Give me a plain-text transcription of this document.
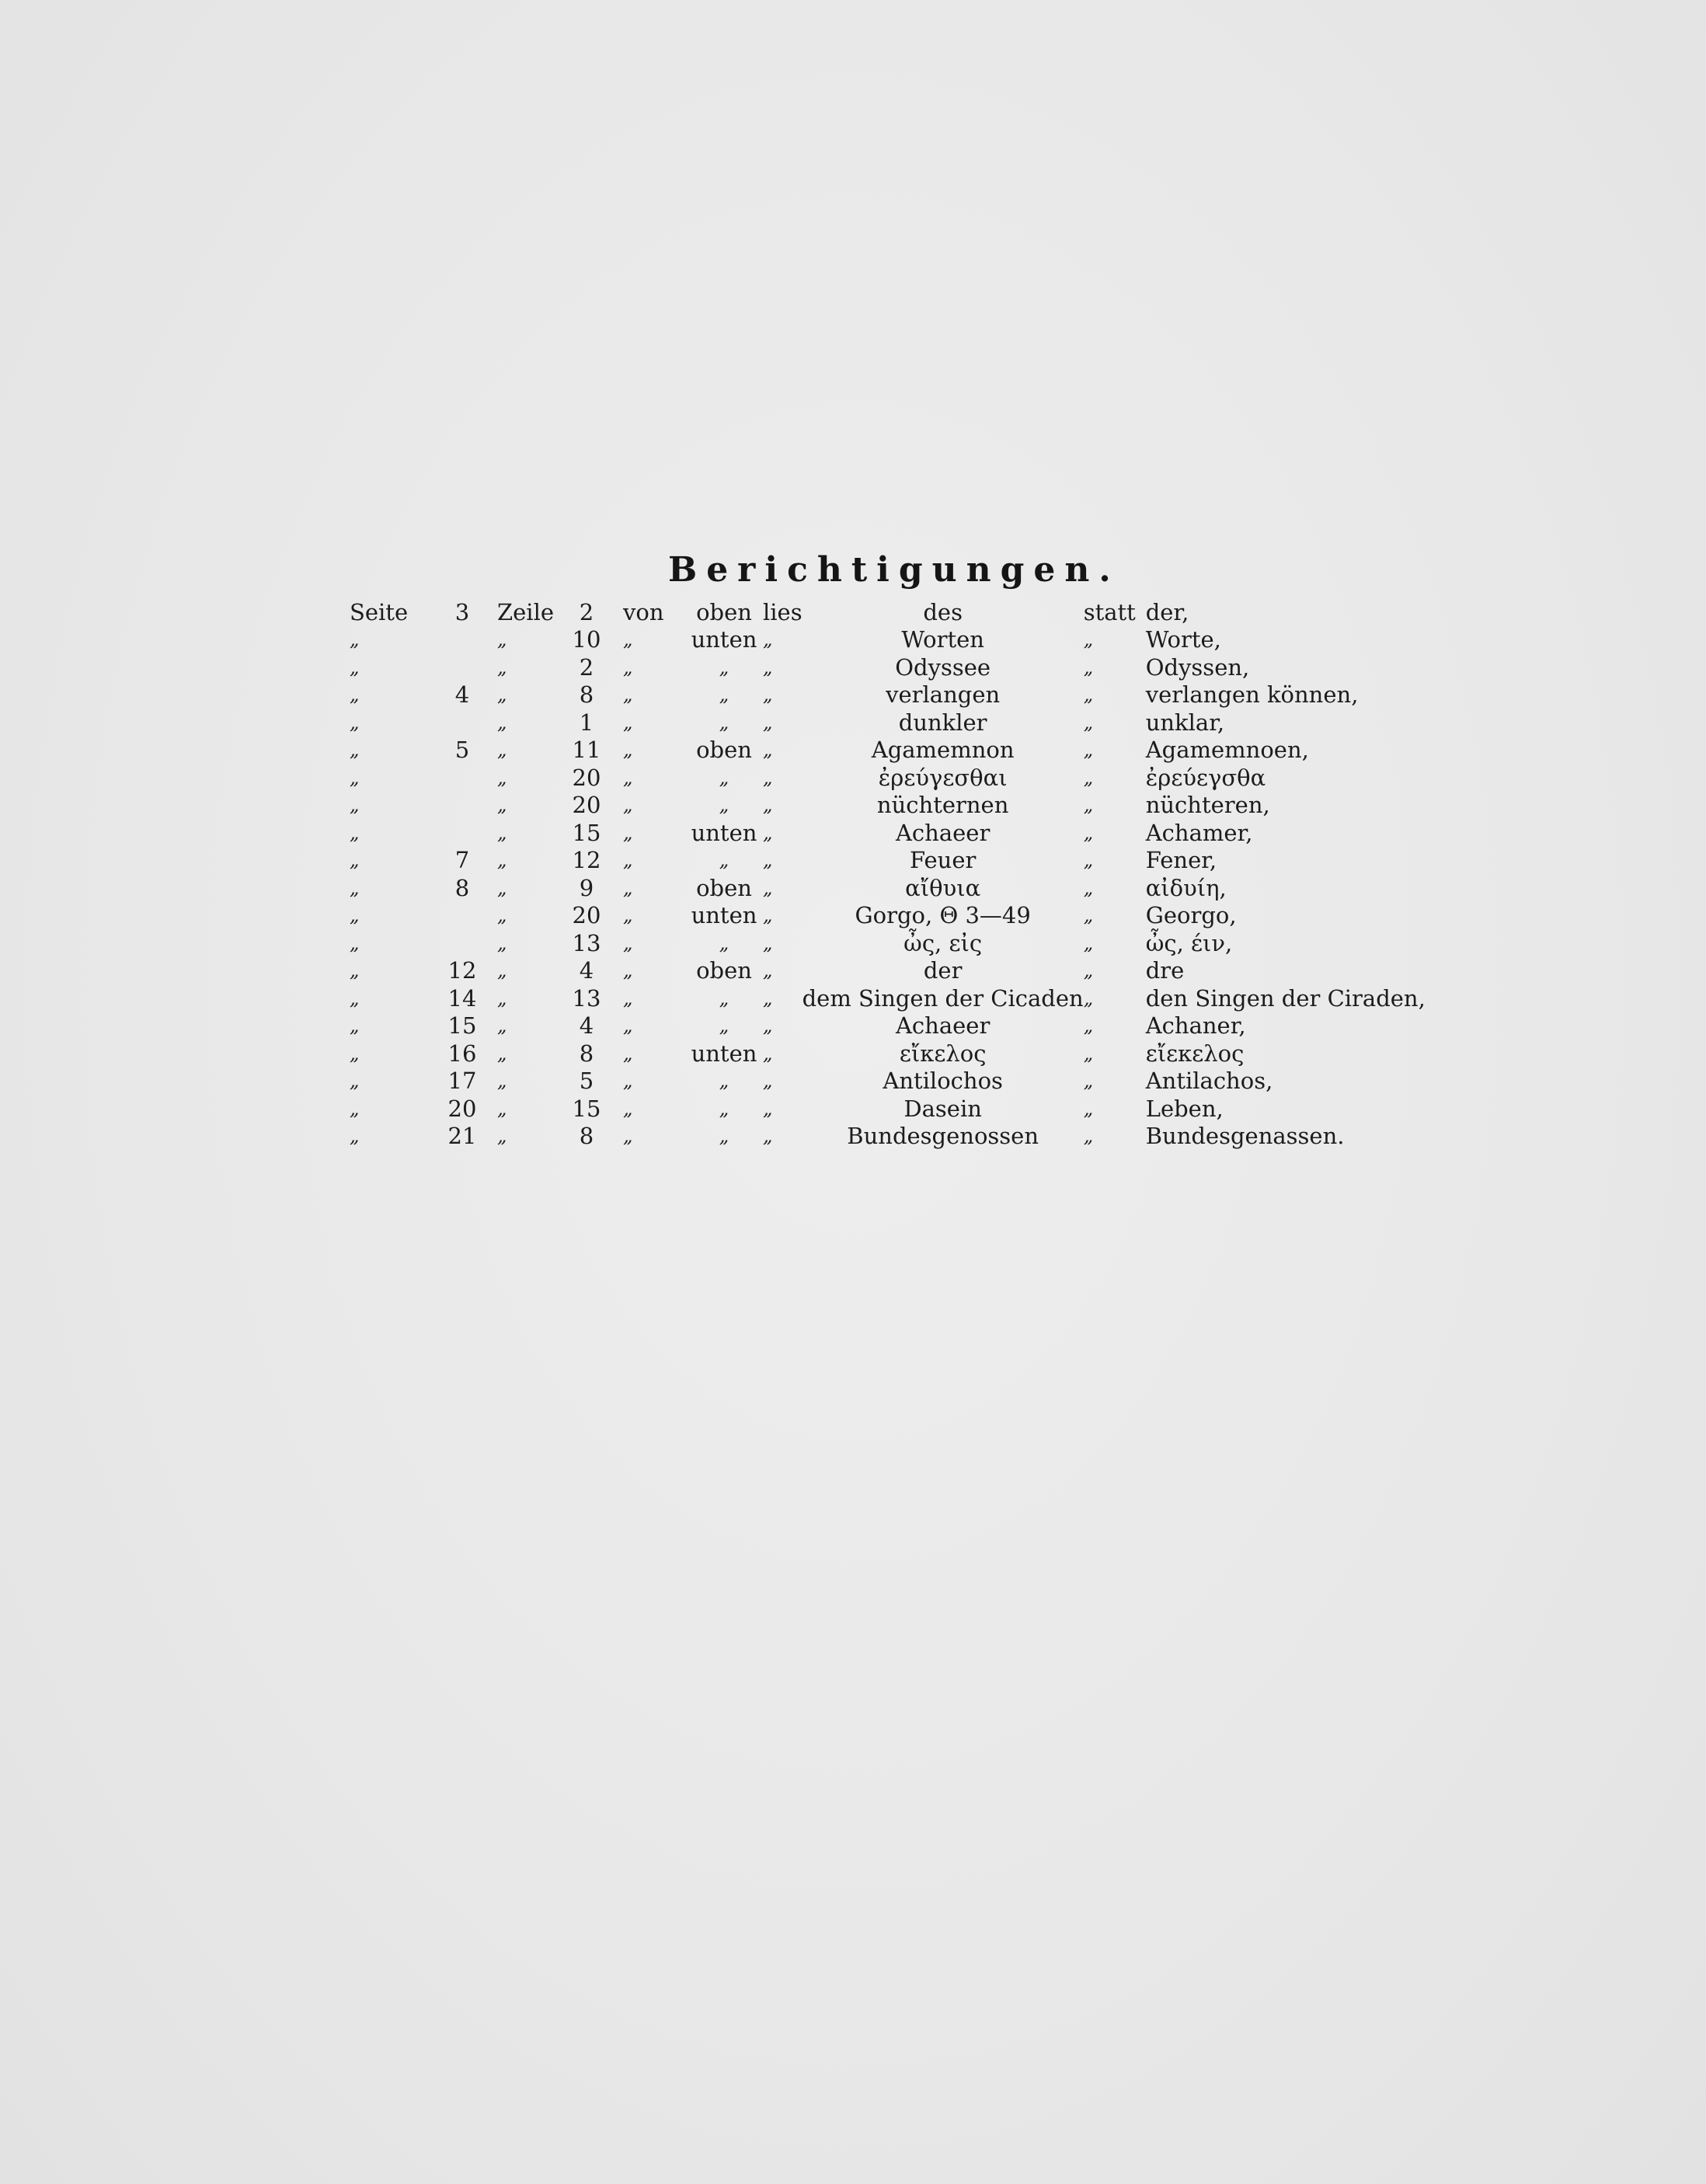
Berichtigungen.
Seite	3	Zeile	2	von	oben	lies	des	statt	der,
„		„	10	„	unten	„	Worten	„	Worte,
„		„	2	„	„	„	Odyssee	„	Odyssen,
„	4	„	8	„	„	„	verlangen	„	verlangen können,
„		„	1	„	„	„	dunkler	„	unklar,
„	5	„	11	„	oben	„	Agamemnon	„	Agamemnoen,
„		„	20	„	„	„	ἐρεύγεσθαι	„	ἐρεύεγσθα
„		„	20	„	„	„	nüchternen	„	nüchteren,
„		„	15	„	unten	„	Achaeer	„	Achamer,
„	7	„	12	„	„	„	Feuer	„	Fener,
„	8	„	9	„	oben	„	αἴθυια	„	αἰδυίη,
„		„	20	„	unten	„	Gorgo, Θ 3—49	„	Georgo,
„		„	13	„	„	„	ὦς, εἰς	„	ὦς, έιν,
„	12	„	4	„	oben	„	der	„	dre
„	14	„	13	„	„	„	dem Singen der Cicaden	„	den Singen der Ciraden,
„	15	„	4	„	„	„	Achaeer	„	Achaner,
„	16	„	8	„	unten	„	εἴκελος	„	εἴεκελος
„	17	„	5	„	„	„	Antilochos	„	Antilachos,
„	20	„	15	„	„	„	Dasein	„	Leben,
„	21	„	8	„	„	„	Bundesgenossen	„	Bundesgenassen.
